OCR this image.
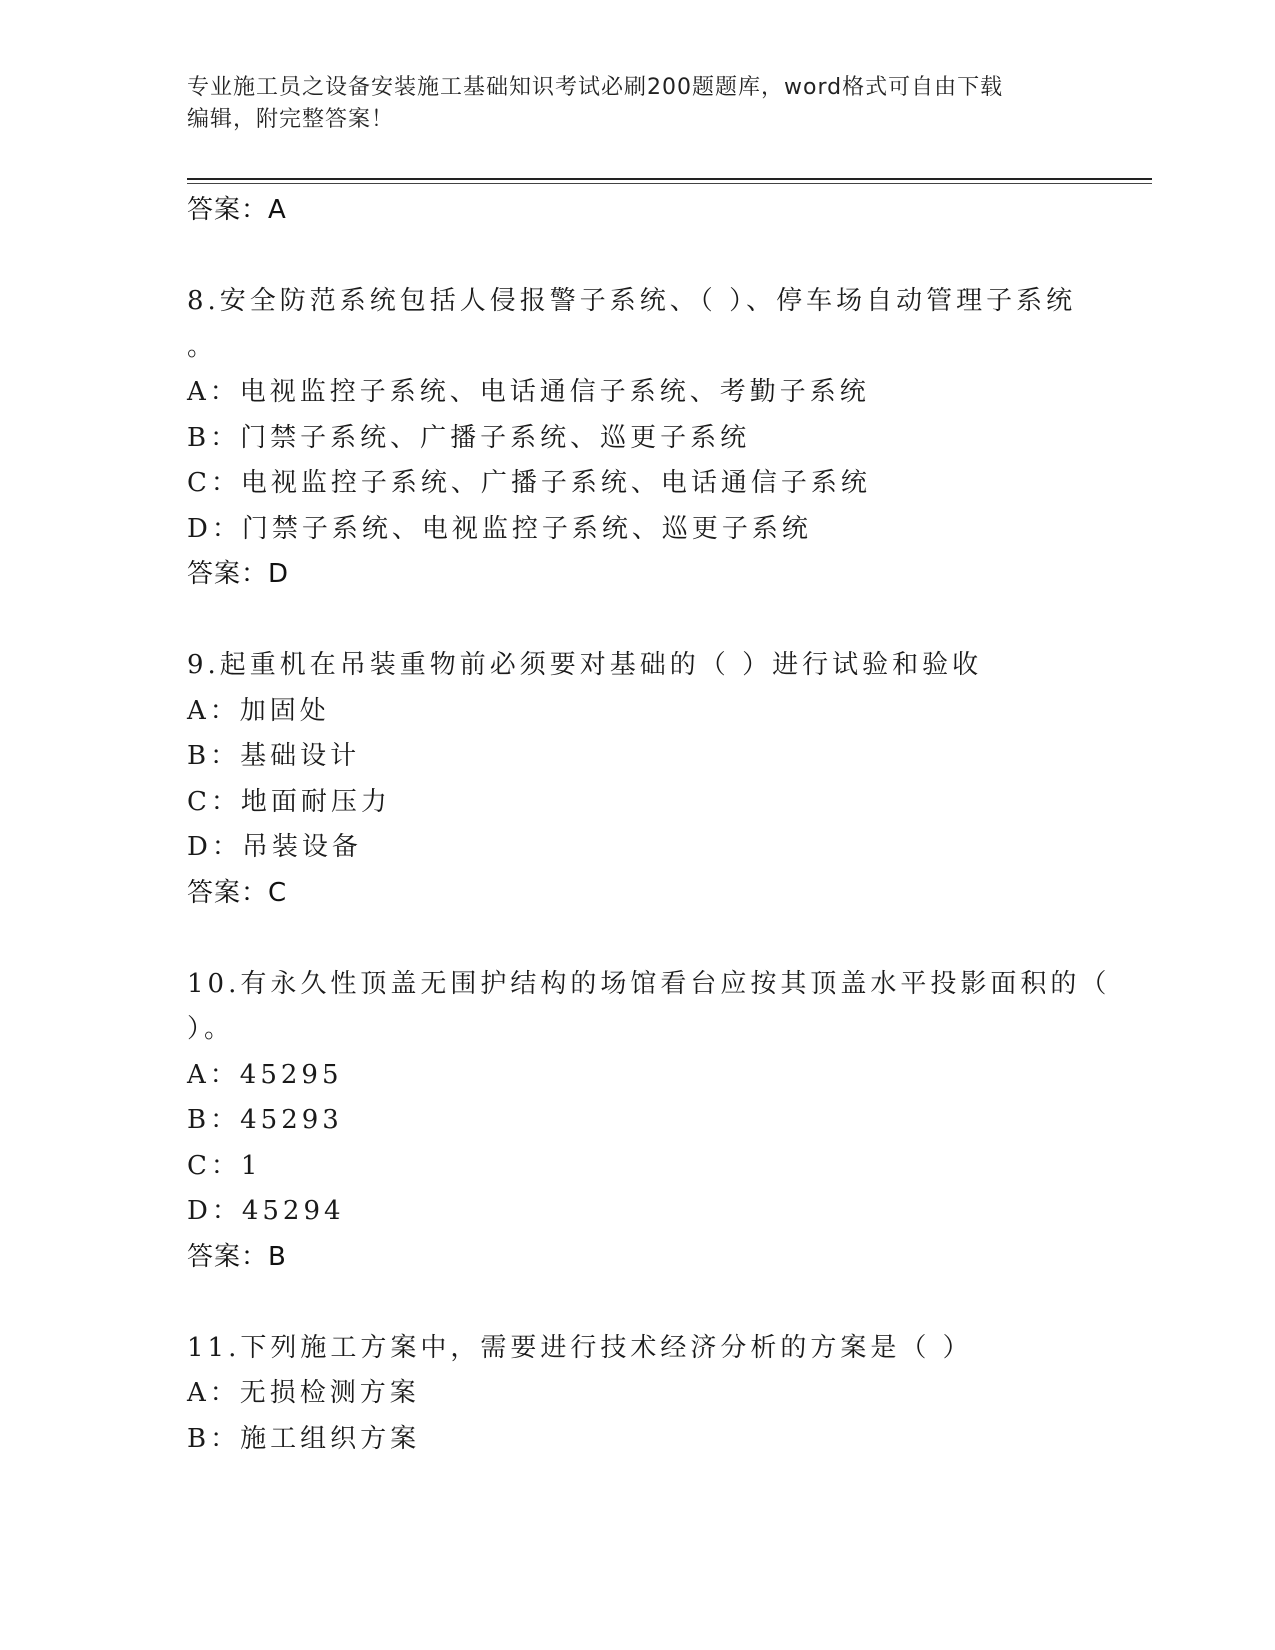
专业施工员之设备安装施工基础知识考试必刷200题题库，word格式可自由下载
编辑，附完整答案！
答案：A
8.安全防范系统包括人侵报警子系统、（ ）、停车场自动管理子系统
。
A：电视监控子系统、电话通信子系统、考勤子系统
B：门禁子系统、广播子系统、巡更子系统
C：电视监控子系统、广播子系统、电话通信子系统
D：门禁子系统、电视监控子系统、巡更子系统
答案：D
9.起重机在吊装重物前必须要对基础的（ ）进行试验和验收
A：加固处
B：基础设计
C：地面耐压力
D：吊装设备
答案：C
10.有永久性顶盖无围护结构的场馆看台应按其顶盖水平投影面积的（
）。
A：45295
B：45293
C：1
D：45294
答案：B
11.下列施工方案中，需要进行技术经济分析的方案是（ ）
A：无损检测方案
B：施工组织方案
